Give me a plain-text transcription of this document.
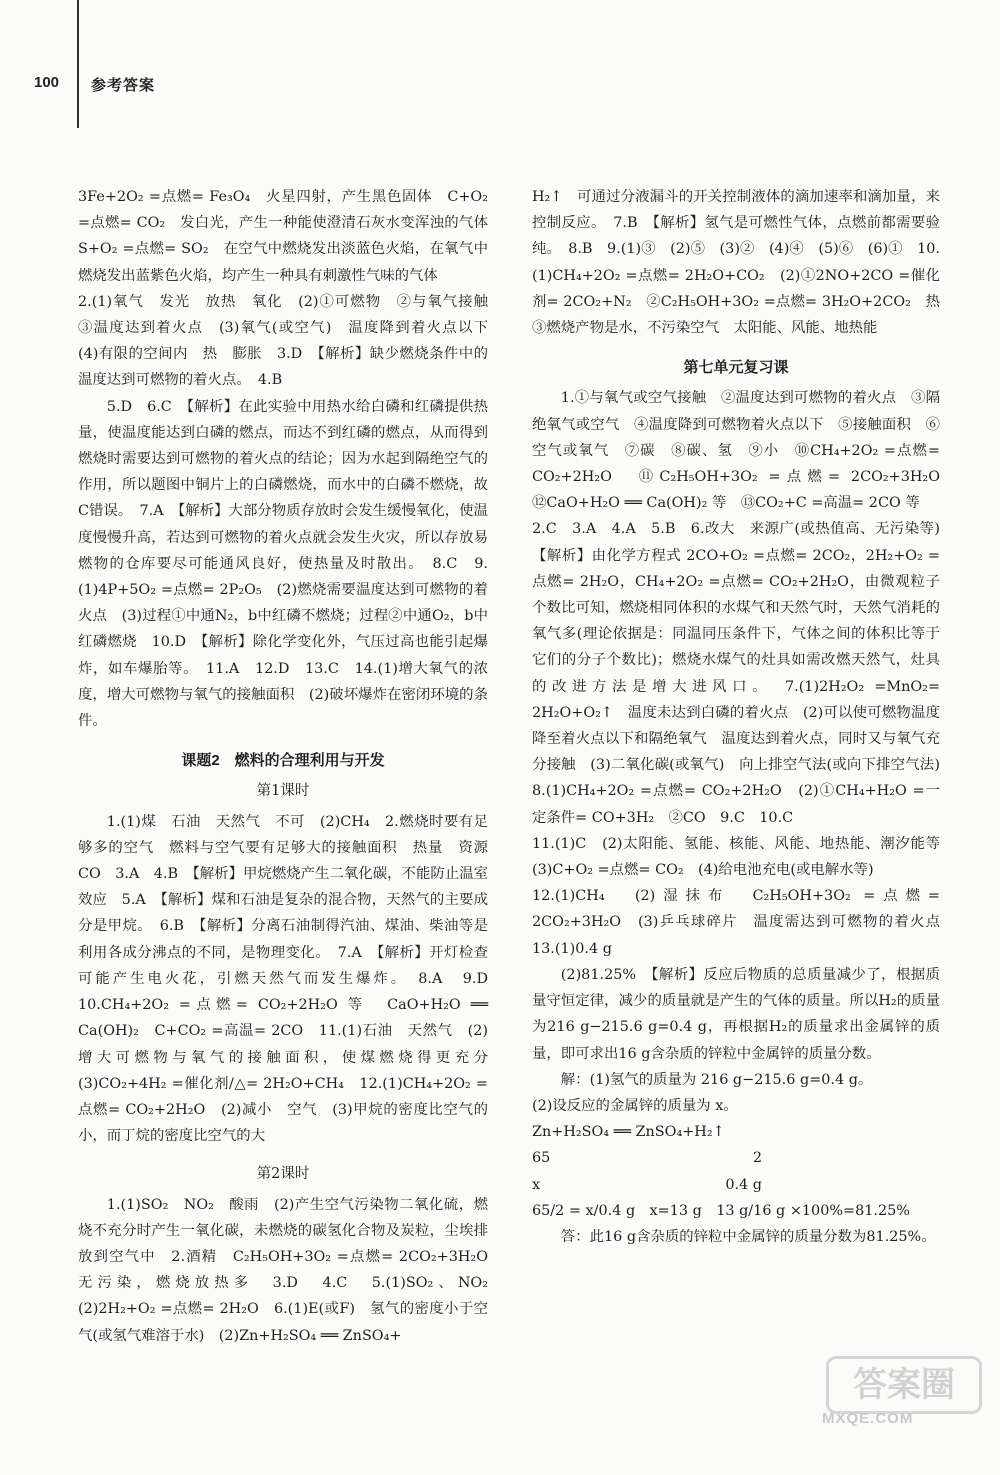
100 参考答案

3Fe+2O₂ =点燃= Fe₃O₄　火星四射，产生黑色固体　C+O₂ =点燃= CO₂　发白光，产生一种能使澄清石灰水变浑浊的气体　S+O₂ =点燃= SO₂　在空气中燃烧发出淡蓝色火焰，在氧气中燃烧发出蓝紫色火焰，均产生一种具有刺激性气味的气体

2.(1)氧气　发光　放热　氧化　(2)①可燃物　②与氧气接触　③温度达到着火点　(3)氧气(或空气)　温度降到着火点以下　(4)有限的空间内　热　膨胀　3.D　【解析】缺少燃烧条件中的温度达到可燃物的着火点。　4.B

5.D　6.C　【解析】在此实验中用热水给白磷和红磷提供热量，使温度能达到白磷的燃点，而达不到红磷的燃点，从而得到燃烧时需要达到可燃物的着火点的结论；因为水起到隔绝空气的作用，所以题图中铜片上的白磷燃烧，而水中的白磷不燃烧，故C错误。　7.A　【解析】大部分物质存放时会发生缓慢氧化，使温度慢慢升高，若达到可燃物的着火点就会发生火灾，所以存放易燃物的仓库要尽可能通风良好，使热量及时散出。　8.C　9.(1)4P+5O₂ =点燃= 2P₂O₅　(2)燃烧需要温度达到可燃物的着火点　(3)过程①中通N₂，b中红磷不燃烧；过程②中通O₂，b中红磷燃烧　10.D　【解析】除化学变化外，气压过高也能引起爆炸，如车爆胎等。　11.A　12.D　13.C　14.(1)增大氧气的浓度，增大可燃物与氧气的接触面积　(2)破坏爆炸在密闭环境的条件。

课题2　燃料的合理利用与开发

第1课时

1.(1)煤　石油　天然气　不可　(2)CH₄　2.燃烧时要有足够多的空气　燃料与空气要有足够大的接触面积　热量　资源　CO　3.A　4.B　【解析】甲烷燃烧产生二氧化碳，不能防止温室效应　5.A　【解析】煤和石油是复杂的混合物，天然气的主要成分是甲烷。　6.B　【解析】分离石油制得汽油、煤油、柴油等是利用各成分沸点的不同，是物理变化。　7.A　【解析】开灯检查可能产生电火花，引燃天然气而发生爆炸。　8.A　9.D　10.CH₄+2O₂ =点燃= CO₂+2H₂O 等　CaO+H₂O ══ Ca(OH)₂　C+CO₂ =高温= 2CO　11.(1)石油　天然气　(2)增大可燃物与氧气的接触面积，使煤燃烧得更充分　(3)CO₂+4H₂ =催化剂/△= 2H₂O+CH₄　12.(1)CH₄+2O₂ =点燃= CO₂+2H₂O　(2)减小　空气　(3)甲烷的密度比空气的小，而丁烷的密度比空气的大

第2课时

1.(1)SO₂　NO₂　酸雨　(2)产生空气污染物二氧化硫，燃烧不充分时产生一氧化碳，未燃烧的碳氢化合物及炭粒，尘埃排放到空气中　2.酒精　C₂H₅OH+3O₂ =点燃= 2CO₂+3H₂O　无污染，燃烧放热多　3.D　4.C　5.(1)SO₂、NO₂　(2)2H₂+O₂ =点燃= 2H₂O　6.(1)E(或F)　氢气的密度小于空气(或氢气难溶于水)　(2)Zn+H₂SO₄ ══ ZnSO₄+

H₂↑　可通过分液漏斗的开关控制液体的滴加速率和滴加量，来控制反应。　7.B　【解析】氢气是可燃性气体，点燃前都需要验纯。　8.B　9.(1)③　(2)⑤　(3)②　(4)④　(5)⑥　(6)①　10.(1)CH₄+2O₂ =点燃= 2H₂O+CO₂　(2)①2NO+2CO =催化剂= 2CO₂+N₂　②C₂H₅OH+3O₂ =点燃= 3H₂O+2CO₂　热　③燃烧产物是水，不污染空气　太阳能、风能、地热能

第七单元复习课

1.①与氧气或空气接触　②温度达到可燃物的着火点　③隔绝氧气或空气　④温度降到可燃物着火点以下　⑤接触面积　⑥空气或氧气　⑦碳　⑧碳、氢　⑨小　⑩CH₄+2O₂ =点燃= CO₂+2H₂O　⑪C₂H₅OH+3O₂ =点燃= 2CO₂+3H₂O　⑫CaO+H₂O ══ Ca(OH)₂ 等　⑬CO₂+C =高温= 2CO 等

2.C　3.A　4.A　5.B　6.改大　来源广(或热值高、无污染等)　【解析】由化学方程式 2CO+O₂ =点燃= 2CO₂，2H₂+O₂ =点燃= 2H₂O，CH₄+2O₂ =点燃= CO₂+2H₂O，由微观粒子个数比可知，燃烧相同体积的水煤气和天然气时，天然气消耗的氧气多(理论依据是：同温同压条件下，气体之间的体积比等于它们的分子个数比)；燃烧水煤气的灶具如需改燃天然气，灶具的改进方法是增大进风口。　7.(1)2H₂O₂ =MnO₂= 2H₂O+O₂↑　温度未达到白磷的着火点　(2)可以使可燃物温度降至着火点以下和隔绝氧气　温度达到着火点，同时又与氧气充分接触　(3)二氧化碳(或氧气)　向上排空气法(或向下排空气法)　8.(1)CH₄+2O₂ =点燃= CO₂+2H₂O　(2)①CH₄+H₂O =一定条件= CO+3H₂　②CO　9.C　10.C

11.(1)C　(2)太阳能、氢能、核能、风能、地热能、潮汐能等　(3)C+O₂ =点燃= CO₂　(4)给电池充电(或电解水等)

12.(1)CH₄　(2)湿抹布　C₂H₅OH+3O₂ =点燃= 2CO₂+3H₂O　(3)乒乓球碎片　温度需达到可燃物的着火点　13.(1)0.4 g

(2)81.25%　【解析】反应后物质的总质量减少了，根据质量守恒定律，减少的质量就是产生的气体的质量。所以H₂的质量为216 g−215.6 g=0.4 g，再根据H₂的质量求出金属锌的质量，即可求出16 g含杂质的锌粒中金属锌的质量分数。

解：(1)氢气的质量为 216 g−215.6 g=0.4 g。

(2)设反应的金属锌的质量为 x。

Zn+H₂SO₄ ══ ZnSO₄+H₂↑

65	2
x	0.4 g

65/2 = x/0.4 g　x=13 g　13 g/16 g ×100%=81.25%

答：此16 g含杂质的锌粒中金属锌的质量分数为81.25%。

答案圈
MXQE.COM
